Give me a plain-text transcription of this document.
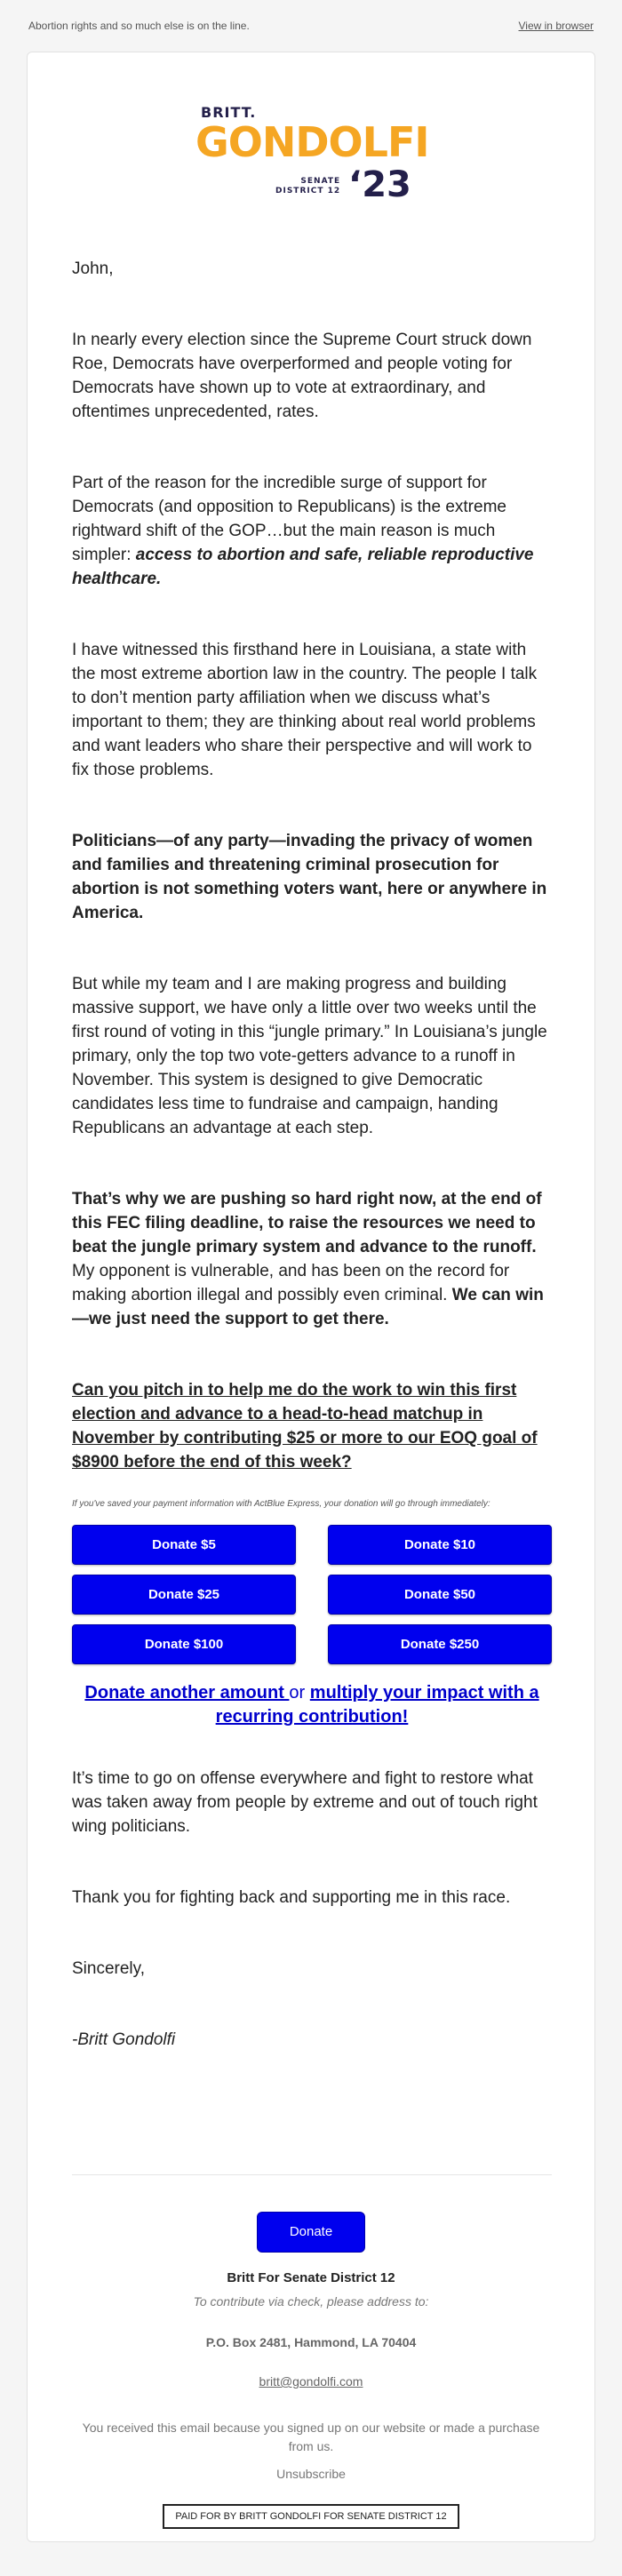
Abortion rights and so much else is on the line.	View in browser
BRITT.
GONDOLFI
SENATE
DISTRICT 12 ‘23

John,

In nearly every election since the Supreme Court struck down Roe, Democrats have overperformed and people voting for Democrats have shown up to vote at extraordinary, and oftentimes unprecedented, rates.

Part of the reason for the incredible surge of support for Democrats (and opposition to Republicans) is the extreme rightward shift of the GOP…but the main reason is much simpler: access to abortion and safe, reliable reproductive healthcare.

I have witnessed this firsthand here in Louisiana, a state with the most extreme abortion law in the country. The people I talk to don’t mention party affiliation when we discuss what’s important to them; they are thinking about real world problems and want leaders who share their perspective and will work to fix those problems.

Politicians—of any party—invading the privacy of women and families and threatening criminal prosecution for abortion is not something voters want, here or anywhere in America.

But while my team and I are making progress and building massive support, we have only a little over two weeks until the first round of voting in this “jungle primary.” In Louisiana’s jungle primary, only the top two vote-getters advance to a runoff in November. This system is designed to give Democratic candidates less time to fundraise and campaign, handing Republicans an advantage at each step.

That’s why we are pushing so hard right now, at the end of this FEC filing deadline, to raise the resources we need to beat the jungle primary system and advance to the runoff. My opponent is vulnerable, and has been on the record for making abortion illegal and possibly even criminal. We can win—we just need the support to get there.

Can you pitch in to help me do the work to win this first election and advance to a head-to-head matchup in November by contributing $25 or more to our EOQ goal of $8900 before the end of this week?

If you've saved your payment information with ActBlue Express, your donation will go through immediately:
Donate $5	Donate $10
Donate $25	Donate $50
Donate $100	Donate $250
Donate another amount or multiply your impact with a recurring contribution!

It’s time to go on offense everywhere and fight to restore what was taken away from people by extreme and out of touch right wing politicians.

Thank you for fighting back and supporting me in this race.

Sincerely,

-Britt Gondolfi

Donate
Britt For Senate District 12
To contribute via check, please address to:
P.O. Box 2481, Hammond, LA 70404
britt@gondolfi.com
You received this email because you signed up on our website or made a purchase from us.
Unsubscribe
PAID FOR BY BRITT GONDOLFI FOR SENATE DISTRICT 12
